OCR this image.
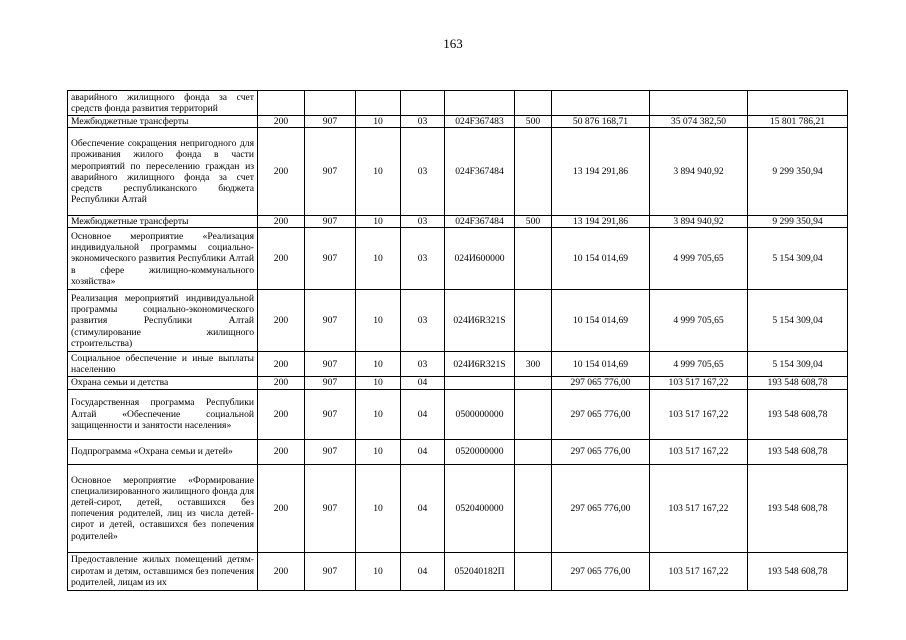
163
аварийного жилищного фонда за счет средств фонда развития территорий									
Межбюджетные трансферты	200	907	10	03	024F367483	500	50 876 168,71	35 074 382,50	15 801 786,21
Обеспечение сокращения непригодного для проживания жилого фонда в части мероприятий по переселению граждан из аварийного жилищного фонда за счет средств республиканского бюджета Республики Алтай	200	907	10	03	024F367484		13 194 291,86	3 894 940,92	9 299 350,94
Межбюджетные трансферты	200	907	10	03	024F367484	500	13 194 291,86	3 894 940,92	9 299 350,94
Основное мероприятие «Реализация индивидуальной программы социально-экономического развития Республики Алтай в сфере жилищно-коммунального хозяйства»	200	907	10	03	024И600000		10 154 014,69	4 999 705,65	5 154 309,04
Реализация мероприятий индивидуальной программы социально-экономического развития Республики Алтай (стимулирование жилищного строительства)	200	907	10	03	024И6R321S		10 154 014,69	4 999 705,65	5 154 309,04
Социальное обеспечение и иные выплаты населению	200	907	10	03	024И6R321S	300	10 154 014,69	4 999 705,65	5 154 309,04
Охрана семьи и детства	200	907	10	04			297 065 776,00	103 517 167,22	193 548 608,78
Государственная программа Республики Алтай «Обеспечение социальной защищенности и занятости населения»	200	907	10	04	0500000000		297 065 776,00	103 517 167,22	193 548 608,78
Подпрограмма «Охрана семьи и детей»	200	907	10	04	0520000000		297 065 776,00	103 517 167,22	193 548 608,78
Основное мероприятие «Формирование специализированного жилищного фонда для детей-сирот, детей, оставшихся без попечения родителей, лиц из числа детей-сирот и детей, оставшихся без попечения родителей»	200	907	10	04	0520400000		297 065 776,00	103 517 167,22	193 548 608,78
Предоставление жилых помещений детям-сиротам и детям, оставшимся без попечения родителей, лицам из их	200	907	10	04	052040182П		297 065 776,00	103 517 167,22	193 548 608,78
